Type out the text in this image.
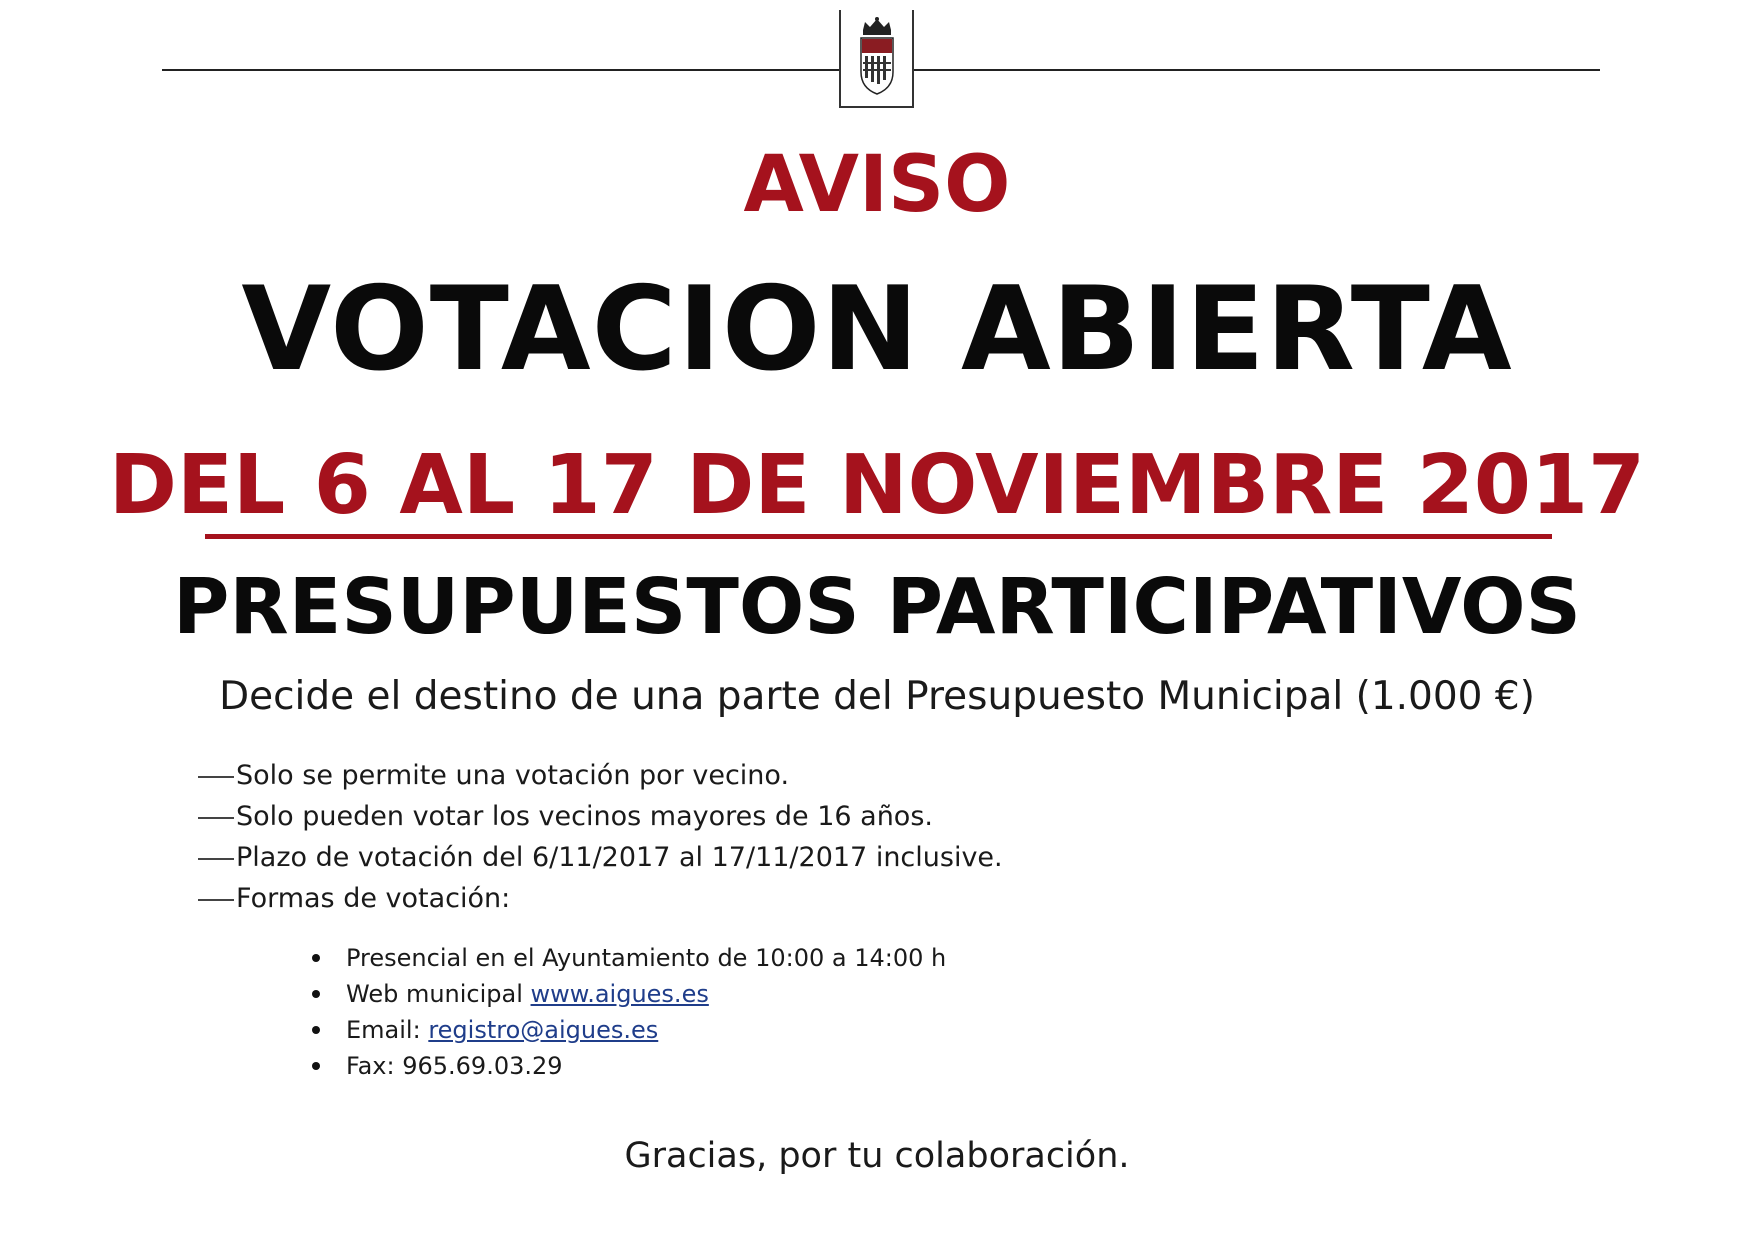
AVISO
VOTACION ABIERTA
DEL 6 AL 17 DE NOVIEMBRE 2017
PRESUPUESTOS PARTICIPATIVOS
Decide el destino de una parte del Presupuesto Municipal (1.000 €)
Solo se permite una votación por vecino.
Solo pueden votar los vecinos mayores de 16 años.
Plazo de votación del 6/11/2017 al 17/11/2017 inclusive.
Formas de votación:
Presencial en el Ayuntamiento de 10:00 a 14:00 h
Web municipal www.aigues.es
Email: registro@aigues.es
Fax: 965.69.03.29
Gracias, por tu colaboración.
